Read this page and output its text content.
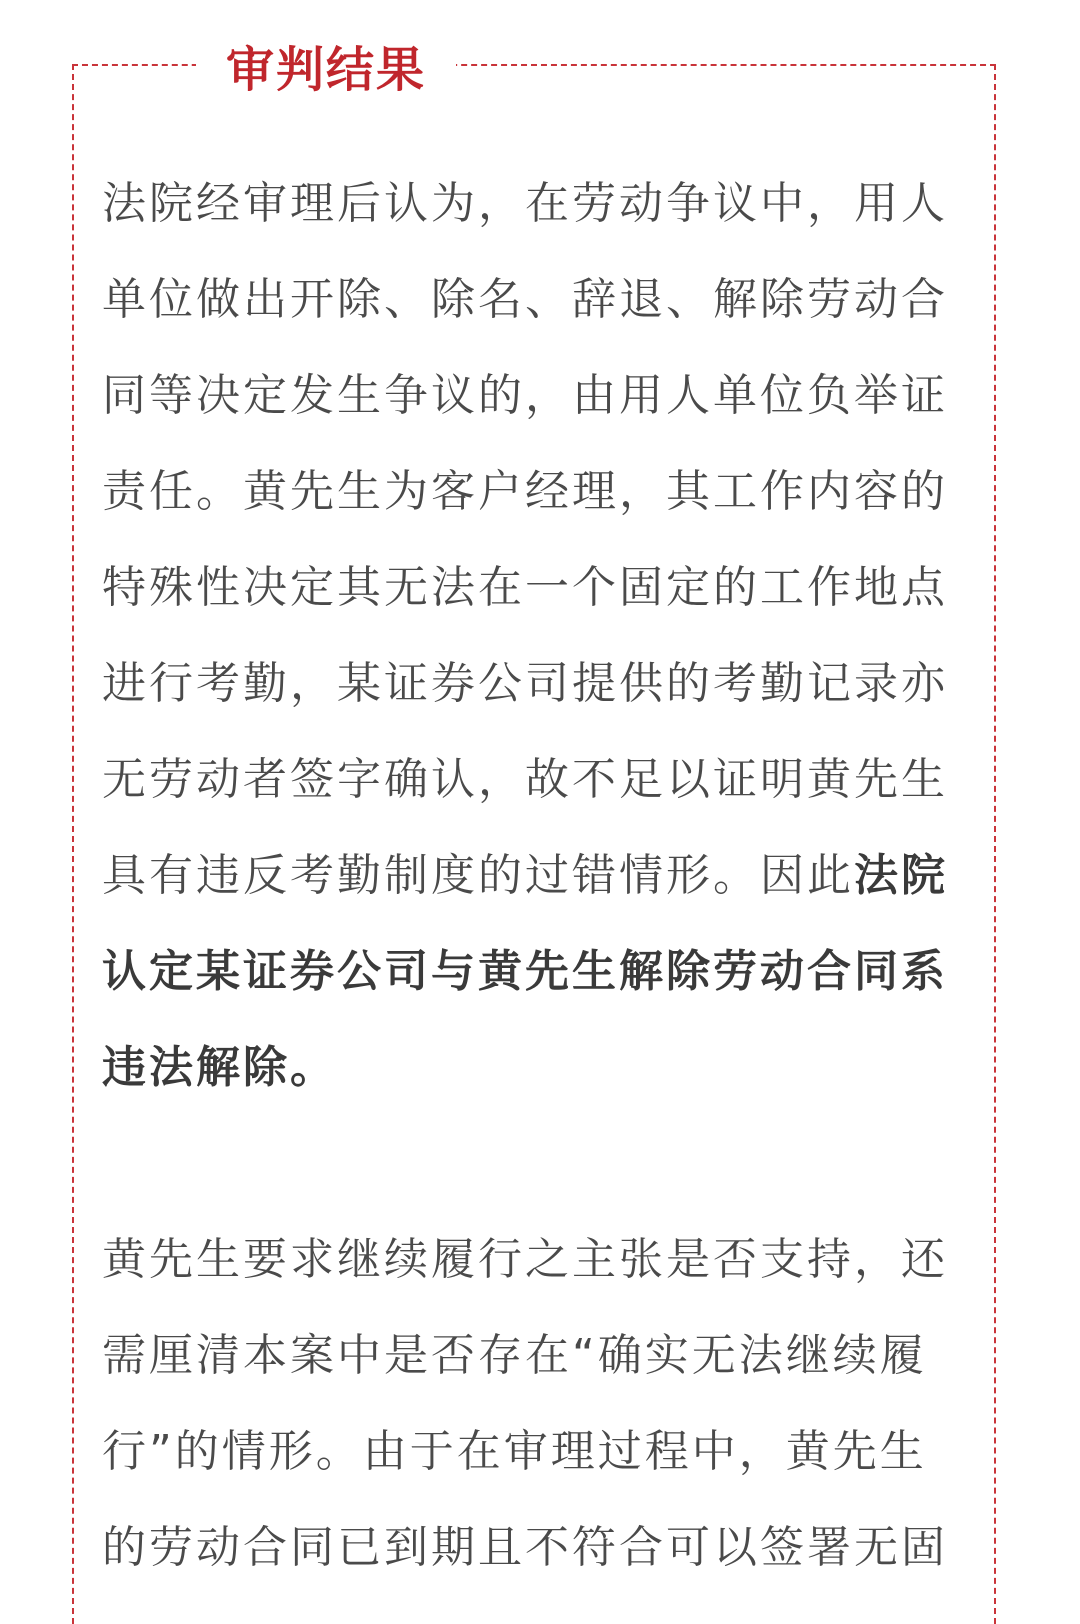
审判结果
法院经审理后认为，在劳动争议中，用人
单位做出开除、除名、辞退、解除劳动合
同等决定发生争议的，由用人单位负举证
责任。黄先生为客户经理，其工作内容的
特殊性决定其无法在一个固定的工作地点
进行考勤，某证券公司提供的考勤记录亦
无劳动者签字确认，故不足以证明黄先生
具有违反考勤制度的过错情形。因此法院
认定某证券公司与黄先生解除劳动合同系
违法解除。
黄先生要求继续履行之主张是否支持，还
需厘清本案中是否存在“确实无法继续履
行”的情形。由于在审理过程中，黄先生
的劳动合同已到期且不符合可以签署无固
